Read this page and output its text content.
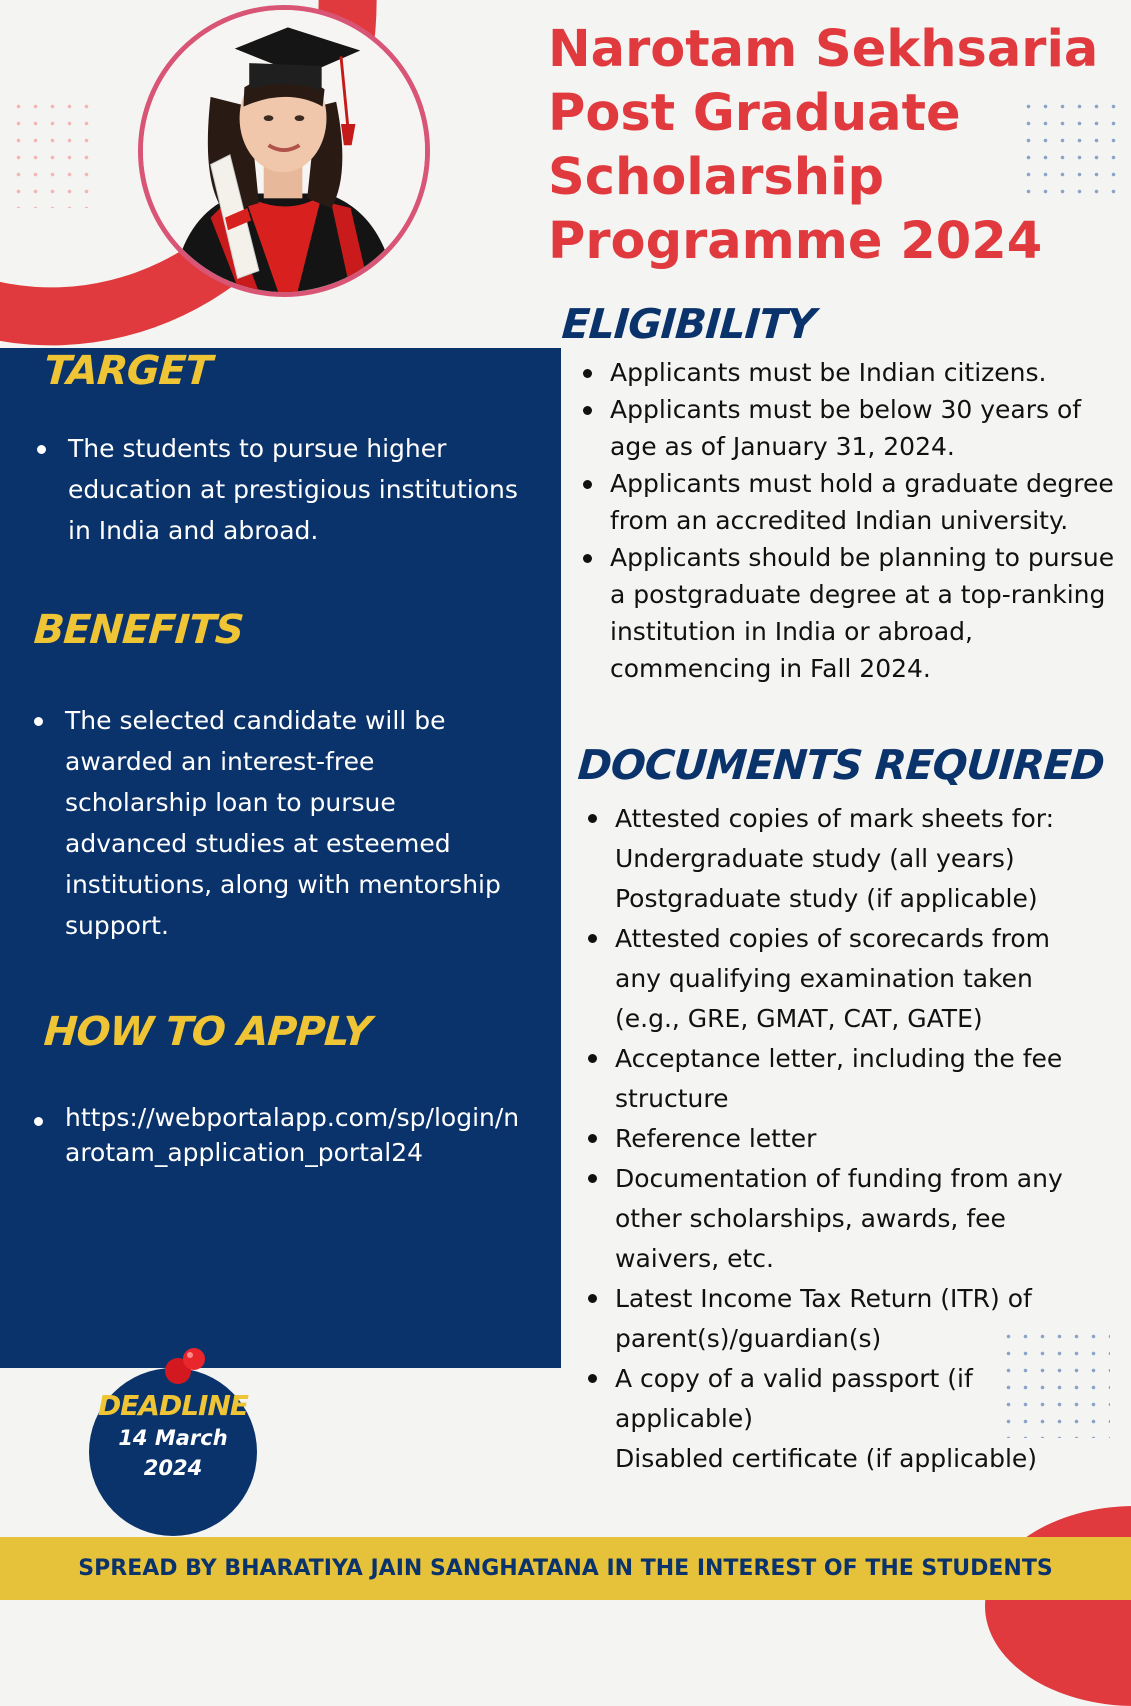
Narotam Sekhsaria
Post Graduate
Scholarship
Programme 2024
TARGET
The students to pursue higher education at prestigious institutions in India and abroad.
BENEFITS
The selected candidate will be awarded an interest-free scholarship loan to pursue advanced studies at esteemed institutions, along with mentorship support.
HOW TO APPLY
https://webportalapp.com/sp/login/narotam_application_portal24
ELIGIBILITY
Applicants must be Indian citizens.
Applicants must be below 30 years of age as of January 31, 2024.
Applicants must hold a graduate degree from an accredited Indian university.
Applicants should be planning to pursue a postgraduate degree at a top-ranking institution in India or abroad, commencing in Fall 2024.
DOCUMENTS REQUIRED
Attested copies of mark sheets for: Undergraduate study (all years) Postgraduate study (if applicable)
Attested copies of scorecards from any qualifying examination taken (e.g., GRE, GMAT, CAT, GATE)
Acceptance letter, including the fee structure
Reference letter
Documentation of funding from any other scholarships, awards, fee waivers, etc.
Latest Income Tax Return (ITR) of parent(s)/guardian(s)
A copy of a valid passport (if applicable)
Disabled certificate (if applicable)
DEADLINE
14 March
2024
SPREAD BY BHARATIYA JAIN SANGHATANA IN THE INTEREST OF THE STUDENTS
